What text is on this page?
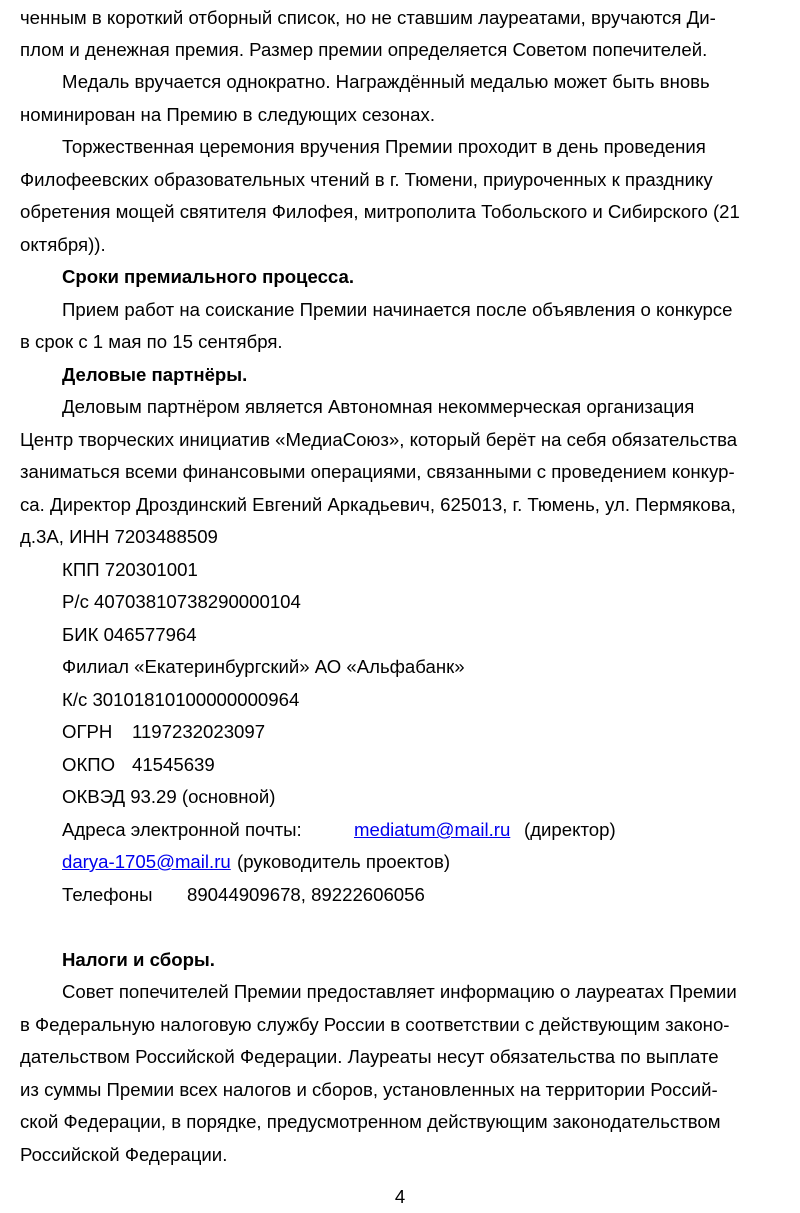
ченным в короткий отборный список, но не ставшим лауреатами, вручаются Ди-
плом и денежная премия. Размер премии определяется Советом попечителей.
Медаль вручается однократно. Награждённый медалью может быть вновь
номинирован на Премию в следующих сезонах.
Торжественная церемония вручения Премии проходит в день проведения
Филофеевских образовательных чтений в г. Тюмени, приуроченных к празднику
обретения мощей святителя Филофея, митрополита Тобольского и Сибирского (21
октября)).
Сроки премиального процесса.
Прием работ на соискание Премии начинается после объявления о конкурсе
в срок с 1 мая по 15 сентября.
Деловые партнёры.
Деловым партнёром является Автономная некоммерческая организация
Центр творческих инициатив «МедиаСоюз», который берёт на себя обязательства
заниматься всеми финансовыми операциями, связанными с проведением конкур-
са. Директор Дроздинский Евгений Аркадьевич, 625013, г. Тюмень, ул. Пермякова,
д.3А, ИНН 7203488509
КПП 720301001
Р/с 40703810738290000104
БИК 046577964
Филиал «Екатеринбургский» АО «Альфабанк»
К/с 30101810100000000964
ОГРН 1197232023097
ОКПО 41545639
ОКВЭД 93.29 (основной)
Адреса электронной почты:	mediatum@mail.ru (директор)
darya-1705@mail.ru (руководитель проектов)
Телефоны 89044909678, 89222606056
Налоги и сборы.
Совет попечителей Премии предоставляет информацию о лауреатах Премии
в Федеральную налоговую службу России в соответствии с действующим законо-
дательством Российской Федерации. Лауреаты несут обязательства по выплате
из суммы Премии всех налогов и сборов, установленных на территории Россий-
ской Федерации, в порядке, предусмотренном действующим законодательством
Российской Федерации.
4
